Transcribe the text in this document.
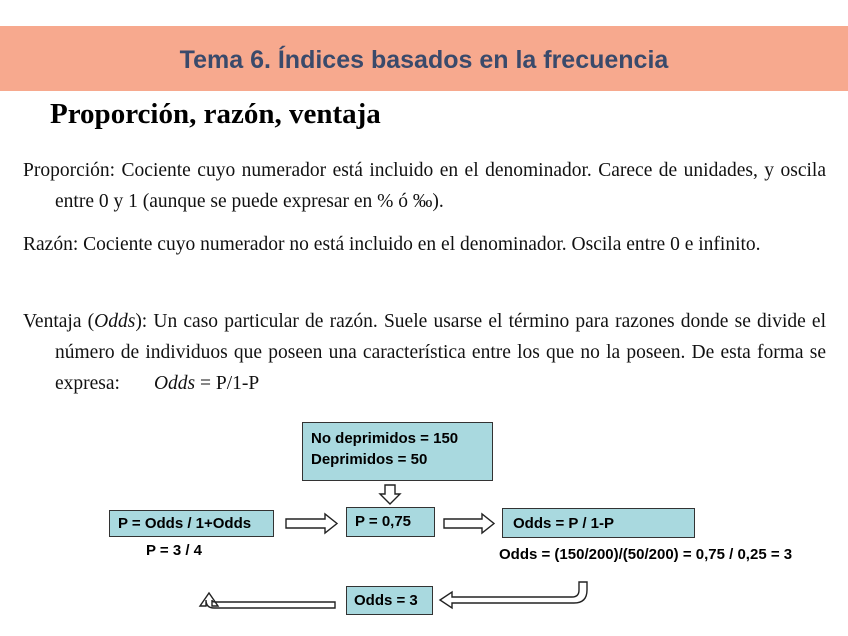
Tema 6. Índices basados en la frecuencia
Proporción, razón, ventaja
Proporción: Cociente cuyo numerador está incluido en el denominador. Carece de unidades, y oscila entre 0 y 1 (aunque se puede expresar en % ó ‰).
Razón: Cociente cuyo numerador no está incluido en el denominador. Oscila entre 0 e infinito.
Ventaja (Odds): Un caso particular de razón. Suele usarse el término para razones donde se divide el número de individuos que poseen una característica entre los que no la poseen. De esta forma se expresa: Odds = P/1-P
No deprimidos = 150
Deprimidos = 50
P = Odds / 1+Odds	P = 0,75	Odds = P / 1-P
Odds = 3
P = 3 / 4	Odds = (150/200)/(50/200) = 0,75 / 0,25 = 3
